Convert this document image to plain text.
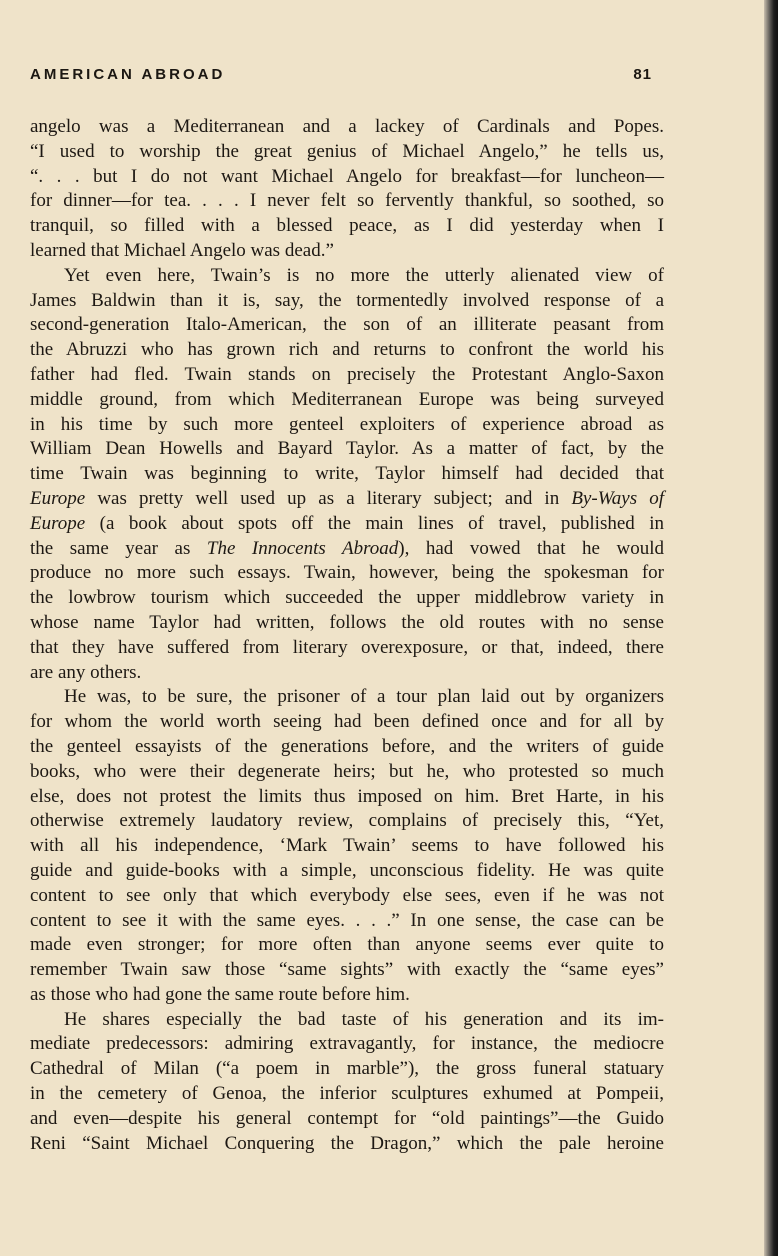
AMERICAN ABROAD	81
angelo was a Mediterranean and a lackey of Cardinals and Popes.
“I used to worship the great genius of Michael Angelo,” he tells us,
“. . . but I do not want Michael Angelo for breakfast—for luncheon—
for dinner—for tea. . . . I never felt so fervently thankful, so soothed, so
tranquil, so filled with a blessed peace, as I did yesterday when I
learned that Michael Angelo was dead.”
Yet even here, Twain’s is no more the utterly alienated view of
James Baldwin than it is, say, the tormentedly involved response of a
second-generation Italo-American, the son of an illiterate peasant from
the Abruzzi who has grown rich and returns to confront the world his
father had fled. Twain stands on precisely the Protestant Anglo-Saxon
middle ground, from which Mediterranean Europe was being surveyed
in his time by such more genteel exploiters of experience abroad as
William Dean Howells and Bayard Taylor. As a matter of fact, by the
time Twain was beginning to write, Taylor himself had decided that
Europe was pretty well used up as a literary subject; and in By-Ways of
Europe (a book about spots off the main lines of travel, published in
the same year as The Innocents Abroad), had vowed that he would
produce no more such essays. Twain, however, being the spokesman for
the lowbrow tourism which succeeded the upper middlebrow variety in
whose name Taylor had written, follows the old routes with no sense
that they have suffered from literary overexposure, or that, indeed, there
are any others.
He was, to be sure, the prisoner of a tour plan laid out by organizers
for whom the world worth seeing had been defined once and for all by
the genteel essayists of the generations before, and the writers of guide
books, who were their degenerate heirs; but he, who protested so much
else, does not protest the limits thus imposed on him. Bret Harte, in his
otherwise extremely laudatory review, complains of precisely this, “Yet,
with all his independence, ‘Mark Twain’ seems to have followed his
guide and guide-books with a simple, unconscious fidelity. He was quite
content to see only that which everybody else sees, even if he was not
content to see it with the same eyes. . . .” In one sense, the case can be
made even stronger; for more often than anyone seems ever quite to
remember Twain saw those “same sights” with exactly the “same eyes”
as those who had gone the same route before him.
He shares especially the bad taste of his generation and its im-
mediate predecessors: admiring extravagantly, for instance, the mediocre
Cathedral of Milan (“a poem in marble”), the gross funeral statuary
in the cemetery of Genoa, the inferior sculptures exhumed at Pompeii,
and even—despite his general contempt for “old paintings”—the Guido
Reni “Saint Michael Conquering the Dragon,” which the pale heroine
